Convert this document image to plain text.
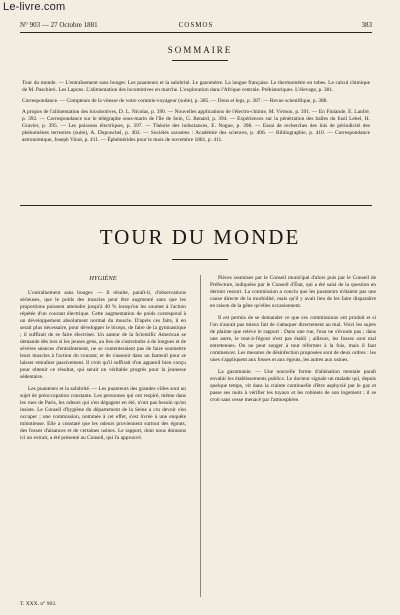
Le-livre.com
N° 903 — 27 Octobre 1881	COSMOS	383
SOMMAIRE

Tour du monde. — L'entraînement sans bouger. Les puanteurs et la salubrité. Le gazomètre. La langue française. Le thermomètre en tubes. Le calcul chimique de M. Paschieri. Les Lapons. L'alimentation des locomotives en marche. L'exploration dans l'Afrique centrale. Préhistoriques. L'élevage, p. 381.

Correspondance. — Compteurs de la vitesse de votre commis-voyageur (suite), p. 385. — Dons et legs, p. 387. — Revue scientifique, p. 388.

A propos de l'alimentation des locomotives, D. L. Nicolas, p. 390. — Nouvelles applications de l'électro-chimie, M. Vérnon, p. 391. — En Finlande, E. Lanfré, p. 392. — Correspondance sur le télégraphe sous-marin de l'île de Sein, G. Renard, p. 394. — Expériences sur la pénétration des balles du fusil Lebel, H. Gravier, p. 395. — Les poissons électriques, p. 397. — Théorie des inductances, E. Nogue, p. 398. — Essai de recherches des lois de périodicité des phénomènes terrestres (suite), A. Duponchel, p. 402. — Sociétés savantes : Académie des sciences, p. 406. — Bibliographie, p. 410. — Correspondance astronomique, Joseph Vinot, p. 411. — Éphémérides pour le mois de novembre 1881, p. 411.

TOUR DU MONDE
HYGIÈNE

L'entraînement sans bouger. — Il résulte, paraît-il, d'observations sérieuses, que le poids des muscles peut être augmenté sans que les proportions puissent atteindre jusqu'à 40 % lorsqu'on les soumet à l'action répétée d'un courant électrique. Cette augmentation de poids correspond à un développement absolument normal du muscle. D'après ces faits, il en serait plus nécessaire, pour développer le biceps, de faire de la gymnastique ; il suffirait de se faire électriser. Un auteur de la Scientific American se demande dès lors si les jeunes gens, au lieu de s'astreindre à de longues et de sévères séances d'entraînement, ne se contenteraient pas de faire soumettre leurs muscles à l'action du courant, et de s'asseoir dans un fauteuil pour se laisser entraîner passivement. Il croit qu'il suffirait d'un appareil bien conçu pour obtenir ce résultat, qui serait un véritable progrès pour la jeunesse sédentaire.

Les puanteurs et la salubrité. — Les puanteurs des grandes villes sont un sujet de préoccupation constante. Les personnes qui ont respiré, même dans les rues de Paris, les odeurs qui s'en dégagent en été, n'ont pas besoin qu'on insiste. Le Conseil d'hygiène du département de la Seine a cru devoir s'en occuper ; une commission, nommée à cet effet, s'est livrée à une enquête minutieuse. Elle a constaté que les odeurs proviennent surtout des égouts, des fosses d'aisances et de certaines usines. Le rapport, dont nous donnons ici un extrait, a été présenté au Conseil, qui l'a approuvé.

Pièces soumises par le Conseil municipal d'alors puis par le Conseil de Préfecture, indiquées par le Conseil d'État, qui a été saisi de la question en dernier ressort. La commission a conclu que les puanteurs n'étaient pas une cause directe de la morbidité, mais qu'il y avait lieu de les faire disparaître en raison de la gêne qu'elles occasionnent.

Il est permis de se demander ce que ces commissions ont produit et si l'on n'aurait pas mieux fait de s'attaquer directement au mal. Voici les sujets de plainte que relève le rapport : Dans une rue, l'eau ne s'écoule pas ; dans une autre, le tout-à-l'égout n'est pas établi ; ailleurs, les fosses sont mal entretenues. On ne peut songer à tout réformer à la fois, mais il faut commencer. Les mesures de désinfection proposées sont de deux ordres : les unes s'appliquent aux fosses et aux égouts, les autres aux usines.

La gazomanie. — Une nouvelle forme d'aliénation mentale paraît envahir les établissements publics. Le docteur signale un malade qui, depuis quelque temps, vit dans la crainte continuelle d'être asphyxié par le gaz et passe ses nuits à vérifier les tuyaux et les robinets de son logement ; il se croit sans cesse menacé par l'atmosphère.

T. XXX. n° 903.
